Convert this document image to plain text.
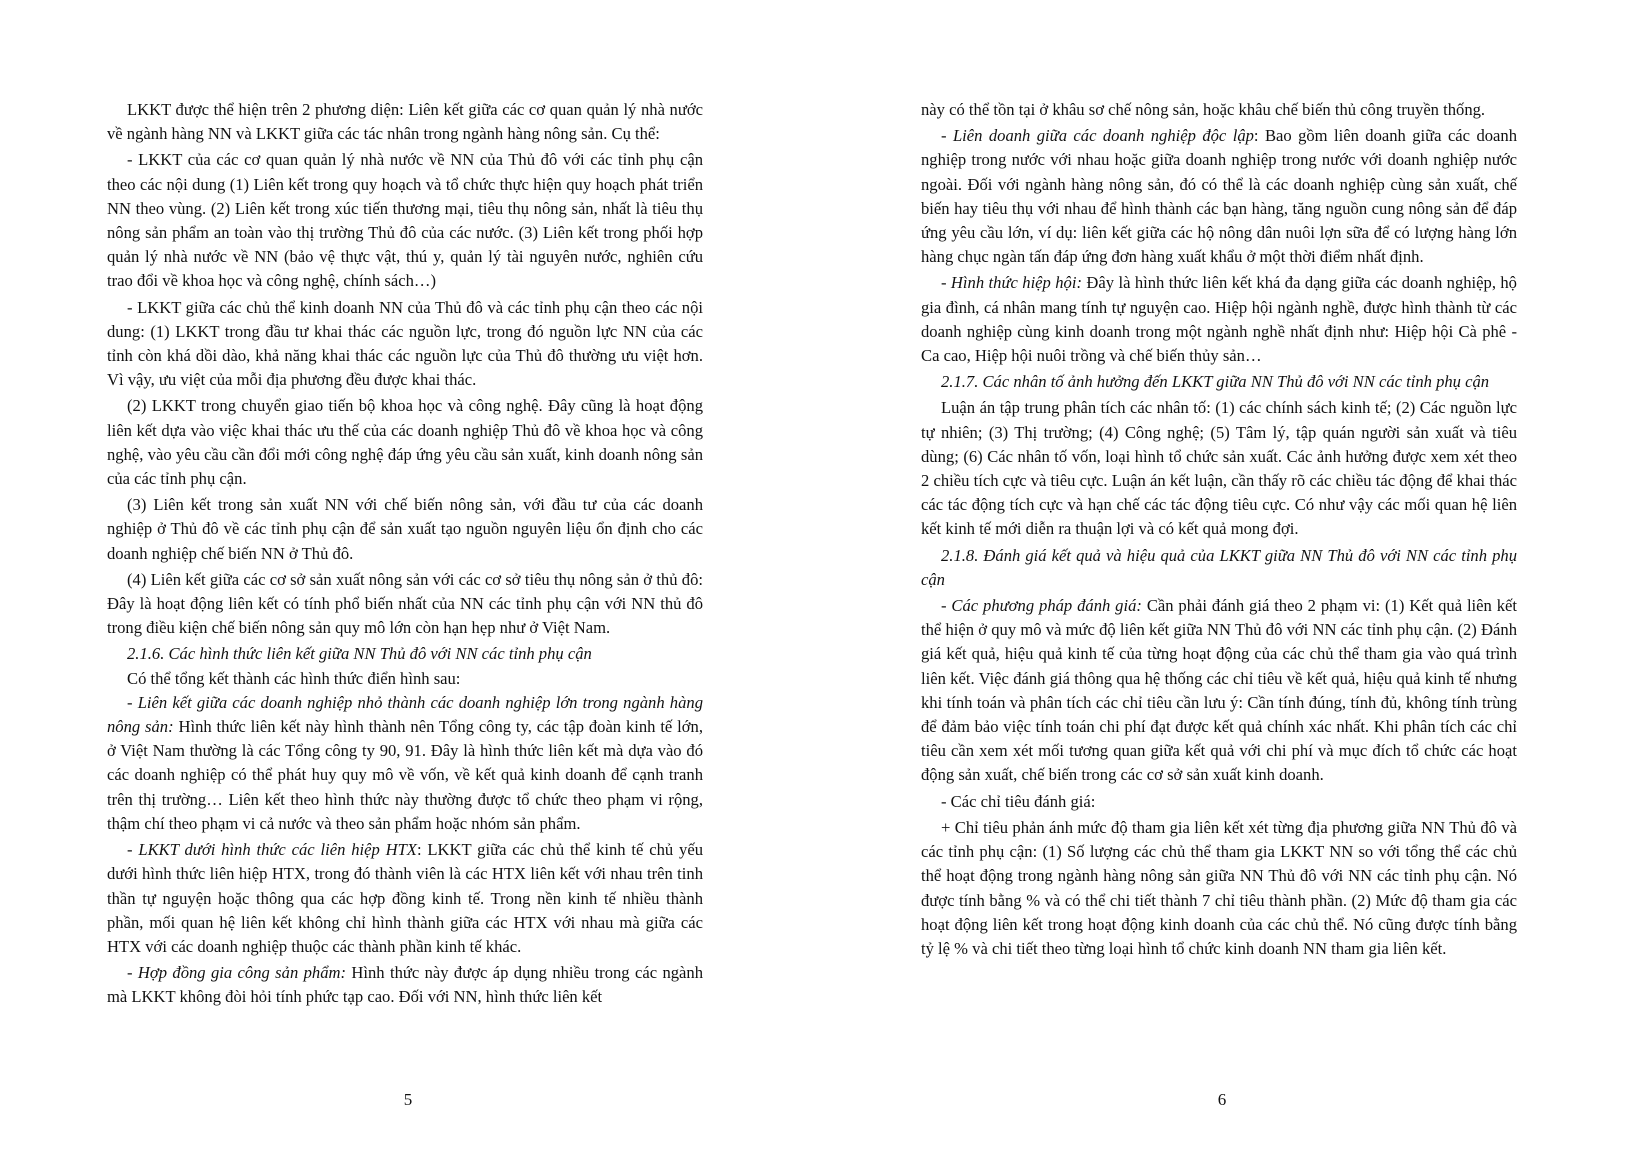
LKKT được thể hiện trên 2 phương diện: Liên kết giữa các cơ quan quản lý nhà nước về ngành hàng NN và LKKT giữa các tác nhân trong ngành hàng nông sản. Cụ thể:

- LKKT của các cơ quan quản lý nhà nước về NN của Thủ đô với các tỉnh phụ cận theo các nội dung (1) Liên kết trong quy hoạch và tổ chức thực hiện quy hoạch phát triển NN theo vùng. (2) Liên kết trong xúc tiến thương mại, tiêu thụ nông sản, nhất là tiêu thụ nông sản phẩm an toàn vào thị trường Thủ đô của các nước. (3) Liên kết trong phối hợp quản lý nhà nước về NN (bảo vệ thực vật, thú y, quản lý tài nguyên nước, nghiên cứu trao đổi về khoa học và công nghệ, chính sách…)

- LKKT giữa các chủ thể kinh doanh NN của Thủ đô và các tỉnh phụ cận theo các nội dung: (1) LKKT trong đầu tư khai thác các nguồn lực, trong đó nguồn lực NN của các tỉnh còn khá dồi dào, khả năng khai thác các nguồn lực của Thủ đô thường ưu việt hơn. Vì vậy, ưu việt của mỗi địa phương đều được khai thác.

(2) LKKT trong chuyển giao tiến bộ khoa học và công nghệ. Đây cũng là hoạt động liên kết dựa vào việc khai thác ưu thế của các doanh nghiệp Thủ đô về khoa học và công nghệ, vào yêu cầu cần đổi mới công nghệ đáp ứng yêu cầu sản xuất, kinh doanh nông sản của các tỉnh phụ cận.

(3) Liên kết trong sản xuất NN với chế biến nông sản, với đầu tư của các doanh nghiệp ở Thủ đô về các tỉnh phụ cận để sản xuất tạo nguồn nguyên liệu ổn định cho các doanh nghiệp chế biến NN ở Thủ đô.

(4) Liên kết giữa các cơ sở sản xuất nông sản với các cơ sở tiêu thụ nông sản ở thủ đô: Đây là hoạt động liên kết có tính phổ biến nhất của NN các tỉnh phụ cận với NN thủ đô trong điều kiện chế biến nông sản quy mô lớn còn hạn hẹp như ở Việt Nam.

2.1.6. Các hình thức liên kết giữa NN Thủ đô với NN các tỉnh phụ cận

Có thể tổng kết thành các hình thức điển hình sau:

- Liên kết giữa các doanh nghiệp nhỏ thành các doanh nghiệp lớn trong ngành hàng nông sản: Hình thức liên kết này hình thành nên Tổng công ty, các tập đoàn kinh tế lớn, ở Việt Nam thường là các Tổng công ty 90, 91. Đây là hình thức liên kết mà dựa vào đó các doanh nghiệp có thể phát huy quy mô về vốn, về kết quả kinh doanh để cạnh tranh trên thị trường… Liên kết theo hình thức này thường được tổ chức theo phạm vi rộng, thậm chí theo phạm vi cả nước và theo sản phẩm hoặc nhóm sản phẩm.

- LKKT dưới hình thức các liên hiệp HTX: LKKT giữa các chủ thể kinh tế chủ yếu dưới hình thức liên hiệp HTX, trong đó thành viên là các HTX liên kết với nhau trên tinh thần tự nguyện hoặc thông qua các hợp đồng kinh tế. Trong nền kinh tế nhiều thành phần, mối quan hệ liên kết không chỉ hình thành giữa các HTX với nhau mà giữa các HTX với các doanh nghiệp thuộc các thành phần kinh tế khác.

- Hợp đồng gia công sản phẩm: Hình thức này được áp dụng nhiều trong các ngành mà LKKT không đòi hỏi tính phức tạp cao. Đối với NN, hình thức liên kết

5

này có thể tồn tại ở khâu sơ chế nông sản, hoặc khâu chế biến thủ công truyền thống.

- Liên doanh giữa các doanh nghiệp độc lập: Bao gồm liên doanh giữa các doanh nghiệp trong nước với nhau hoặc giữa doanh nghiệp trong nước với doanh nghiệp nước ngoài. Đối với ngành hàng nông sản, đó có thể là các doanh nghiệp cùng sản xuất, chế biến hay tiêu thụ với nhau để hình thành các bạn hàng, tăng nguồn cung nông sản để đáp ứng yêu cầu lớn, ví dụ: liên kết giữa các hộ nông dân nuôi lợn sữa để có lượng hàng lớn hàng chục ngàn tấn đáp ứng đơn hàng xuất khẩu ở một thời điểm nhất định.

- Hình thức hiệp hội: Đây là hình thức liên kết khá đa dạng giữa các doanh nghiệp, hộ gia đình, cá nhân mang tính tự nguyện cao. Hiệp hội ngành nghề, được hình thành từ các doanh nghiệp cùng kinh doanh trong một ngành nghề nhất định như: Hiệp hội Cà phê - Ca cao, Hiệp hội nuôi trồng và chế biến thủy sản…

2.1.7. Các nhân tố ảnh hưởng đến LKKT giữa NN Thủ đô với NN các tỉnh phụ cận

Luận án tập trung phân tích các nhân tố: (1) các chính sách kinh tế; (2) Các nguồn lực tự nhiên; (3) Thị trường; (4) Công nghệ; (5) Tâm lý, tập quán người sản xuất và tiêu dùng; (6) Các nhân tố vốn, loại hình tổ chức sản xuất. Các ảnh hưởng được xem xét theo 2 chiều tích cực và tiêu cực. Luận án kết luận, cần thấy rõ các chiều tác động để khai thác các tác động tích cực và hạn chế các tác động tiêu cực. Có như vậy các mối quan hệ liên kết kinh tế mới diễn ra thuận lợi và có kết quả mong đợi.

2.1.8. Đánh giá kết quả và hiệu quả của LKKT giữa NN Thủ đô với NN các tỉnh phụ cận

- Các phương pháp đánh giá: Cần phải đánh giá theo 2 phạm vi: (1) Kết quả liên kết thể hiện ở quy mô và mức độ liên kết giữa NN Thủ đô với NN các tỉnh phụ cận. (2) Đánh giá kết quả, hiệu quả kinh tế của từng hoạt động của các chủ thể tham gia vào quá trình liên kết. Việc đánh giá thông qua hệ thống các chỉ tiêu về kết quả, hiệu quả kinh tế nhưng khi tính toán và phân tích các chỉ tiêu cần lưu ý: Cần tính đúng, tính đủ, không tính trùng để đảm bảo việc tính toán chi phí đạt được kết quả chính xác nhất. Khi phân tích các chỉ tiêu cần xem xét mối tương quan giữa kết quả với chi phí và mục đích tổ chức các hoạt động sản xuất, chế biến trong các cơ sở sản xuất kinh doanh.

- Các chỉ tiêu đánh giá:

+ Chỉ tiêu phản ánh mức độ tham gia liên kết xét từng địa phương giữa NN Thủ đô và các tỉnh phụ cận: (1) Số lượng các chủ thể tham gia LKKT NN so với tổng thể các chủ thể hoạt động trong ngành hàng nông sản giữa NN Thủ đô với NN các tỉnh phụ cận. Nó được tính bằng % và có thể chi tiết thành 7 chỉ tiêu thành phần. (2) Mức độ tham gia các hoạt động liên kết trong hoạt động kinh doanh của các chủ thể. Nó cũng được tính bằng tỷ lệ % và chi tiết theo từng loại hình tổ chức kinh doanh NN tham gia liên kết.

6
